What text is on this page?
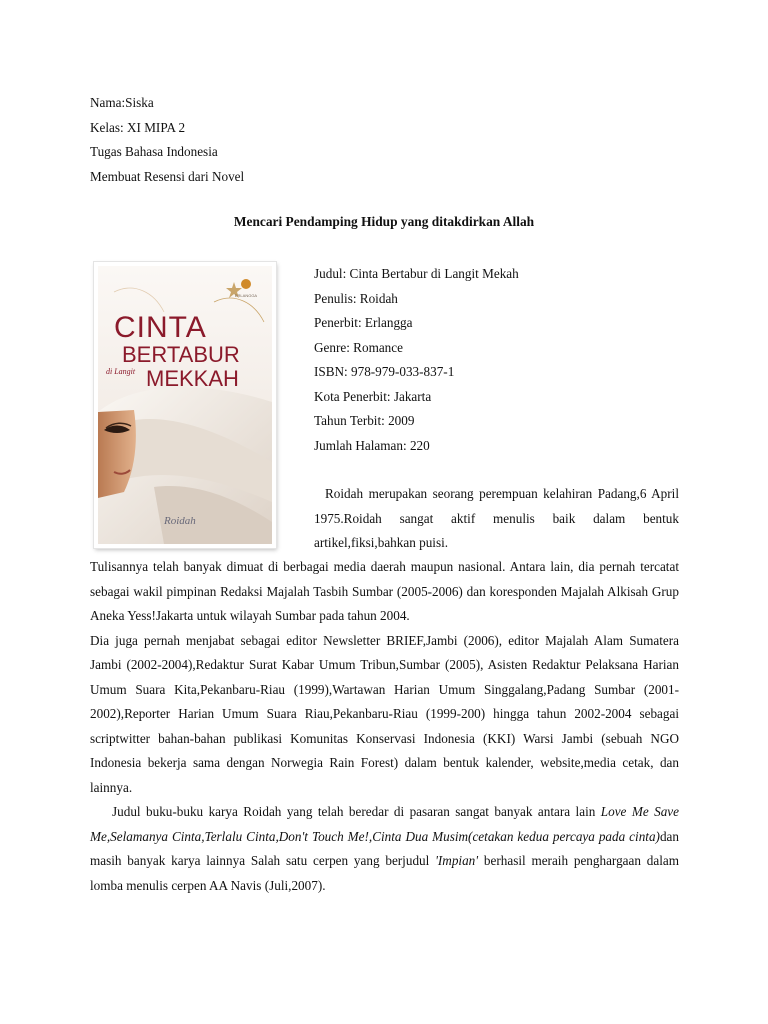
Nama:Siska
Kelas: XI MIPA 2
Tugas Bahasa Indonesia
Membuat Resensi dari Novel
Mencari Pendamping Hidup yang ditakdirkan Allah
ERLANGGA
CINTA
BERTABUR
di Langit MEKKAH
Roidah
Judul: Cinta Bertabur di Langit Mekah
Penulis: Roidah
Penerbit: Erlangga
Genre: Romance
ISBN: 978-979-033-837-1
Kota Penerbit: Jakarta
Tahun Terbit: 2009
Jumlah Halaman: 220
Roidah merupakan seorang perempuan kelahiran Padang,6 April 1975.Roidah sangat aktif menulis baik dalam bentuk artikel,fiksi,bahkan puisi.

Tulisannya telah banyak dimuat di berbagai media daerah maupun nasional. Antara lain, dia pernah tercatat sebagai wakil pimpinan Redaksi Majalah Tasbih Sumbar (2005-2006) dan koresponden Majalah Alkisah Grup Aneka Yess!Jakarta untuk wilayah Sumbar pada tahun 2004.

Dia juga pernah menjabat sebagai editor Newsletter BRIEF,Jambi (2006), editor Majalah Alam Sumatera Jambi (2002-2004),Redaktur Surat Kabar Umum Tribun,Sumbar (2005), Asisten Redaktur Pelaksana Harian Umum Suara Kita,Pekanbaru-Riau (1999),Wartawan Harian Umum Singgalang,Padang Sumbar (2001-2002),Reporter Harian Umum Suara Riau,Pekanbaru-Riau (1999-200) hingga tahun 2002-2004 sebagai scriptwitter bahan-bahan publikasi Komunitas Konservasi Indonesia (KKI) Warsi Jambi (sebuah NGO Indonesia bekerja sama dengan Norwegia Rain Forest) dalam bentuk kalender, website,media cetak, dan lainnya.

Judul buku-buku karya Roidah yang telah beredar di pasaran sangat banyak antara lain Love Me Save Me,Selamanya Cinta,Terlalu Cinta,Don't Touch Me!,Cinta Dua Musim(cetakan kedua percaya pada cinta)dan masih banyak karya lainnya Salah satu cerpen yang berjudul 'Impian' berhasil meraih penghargaan dalam lomba menulis cerpen AA Navis (Juli,2007).
